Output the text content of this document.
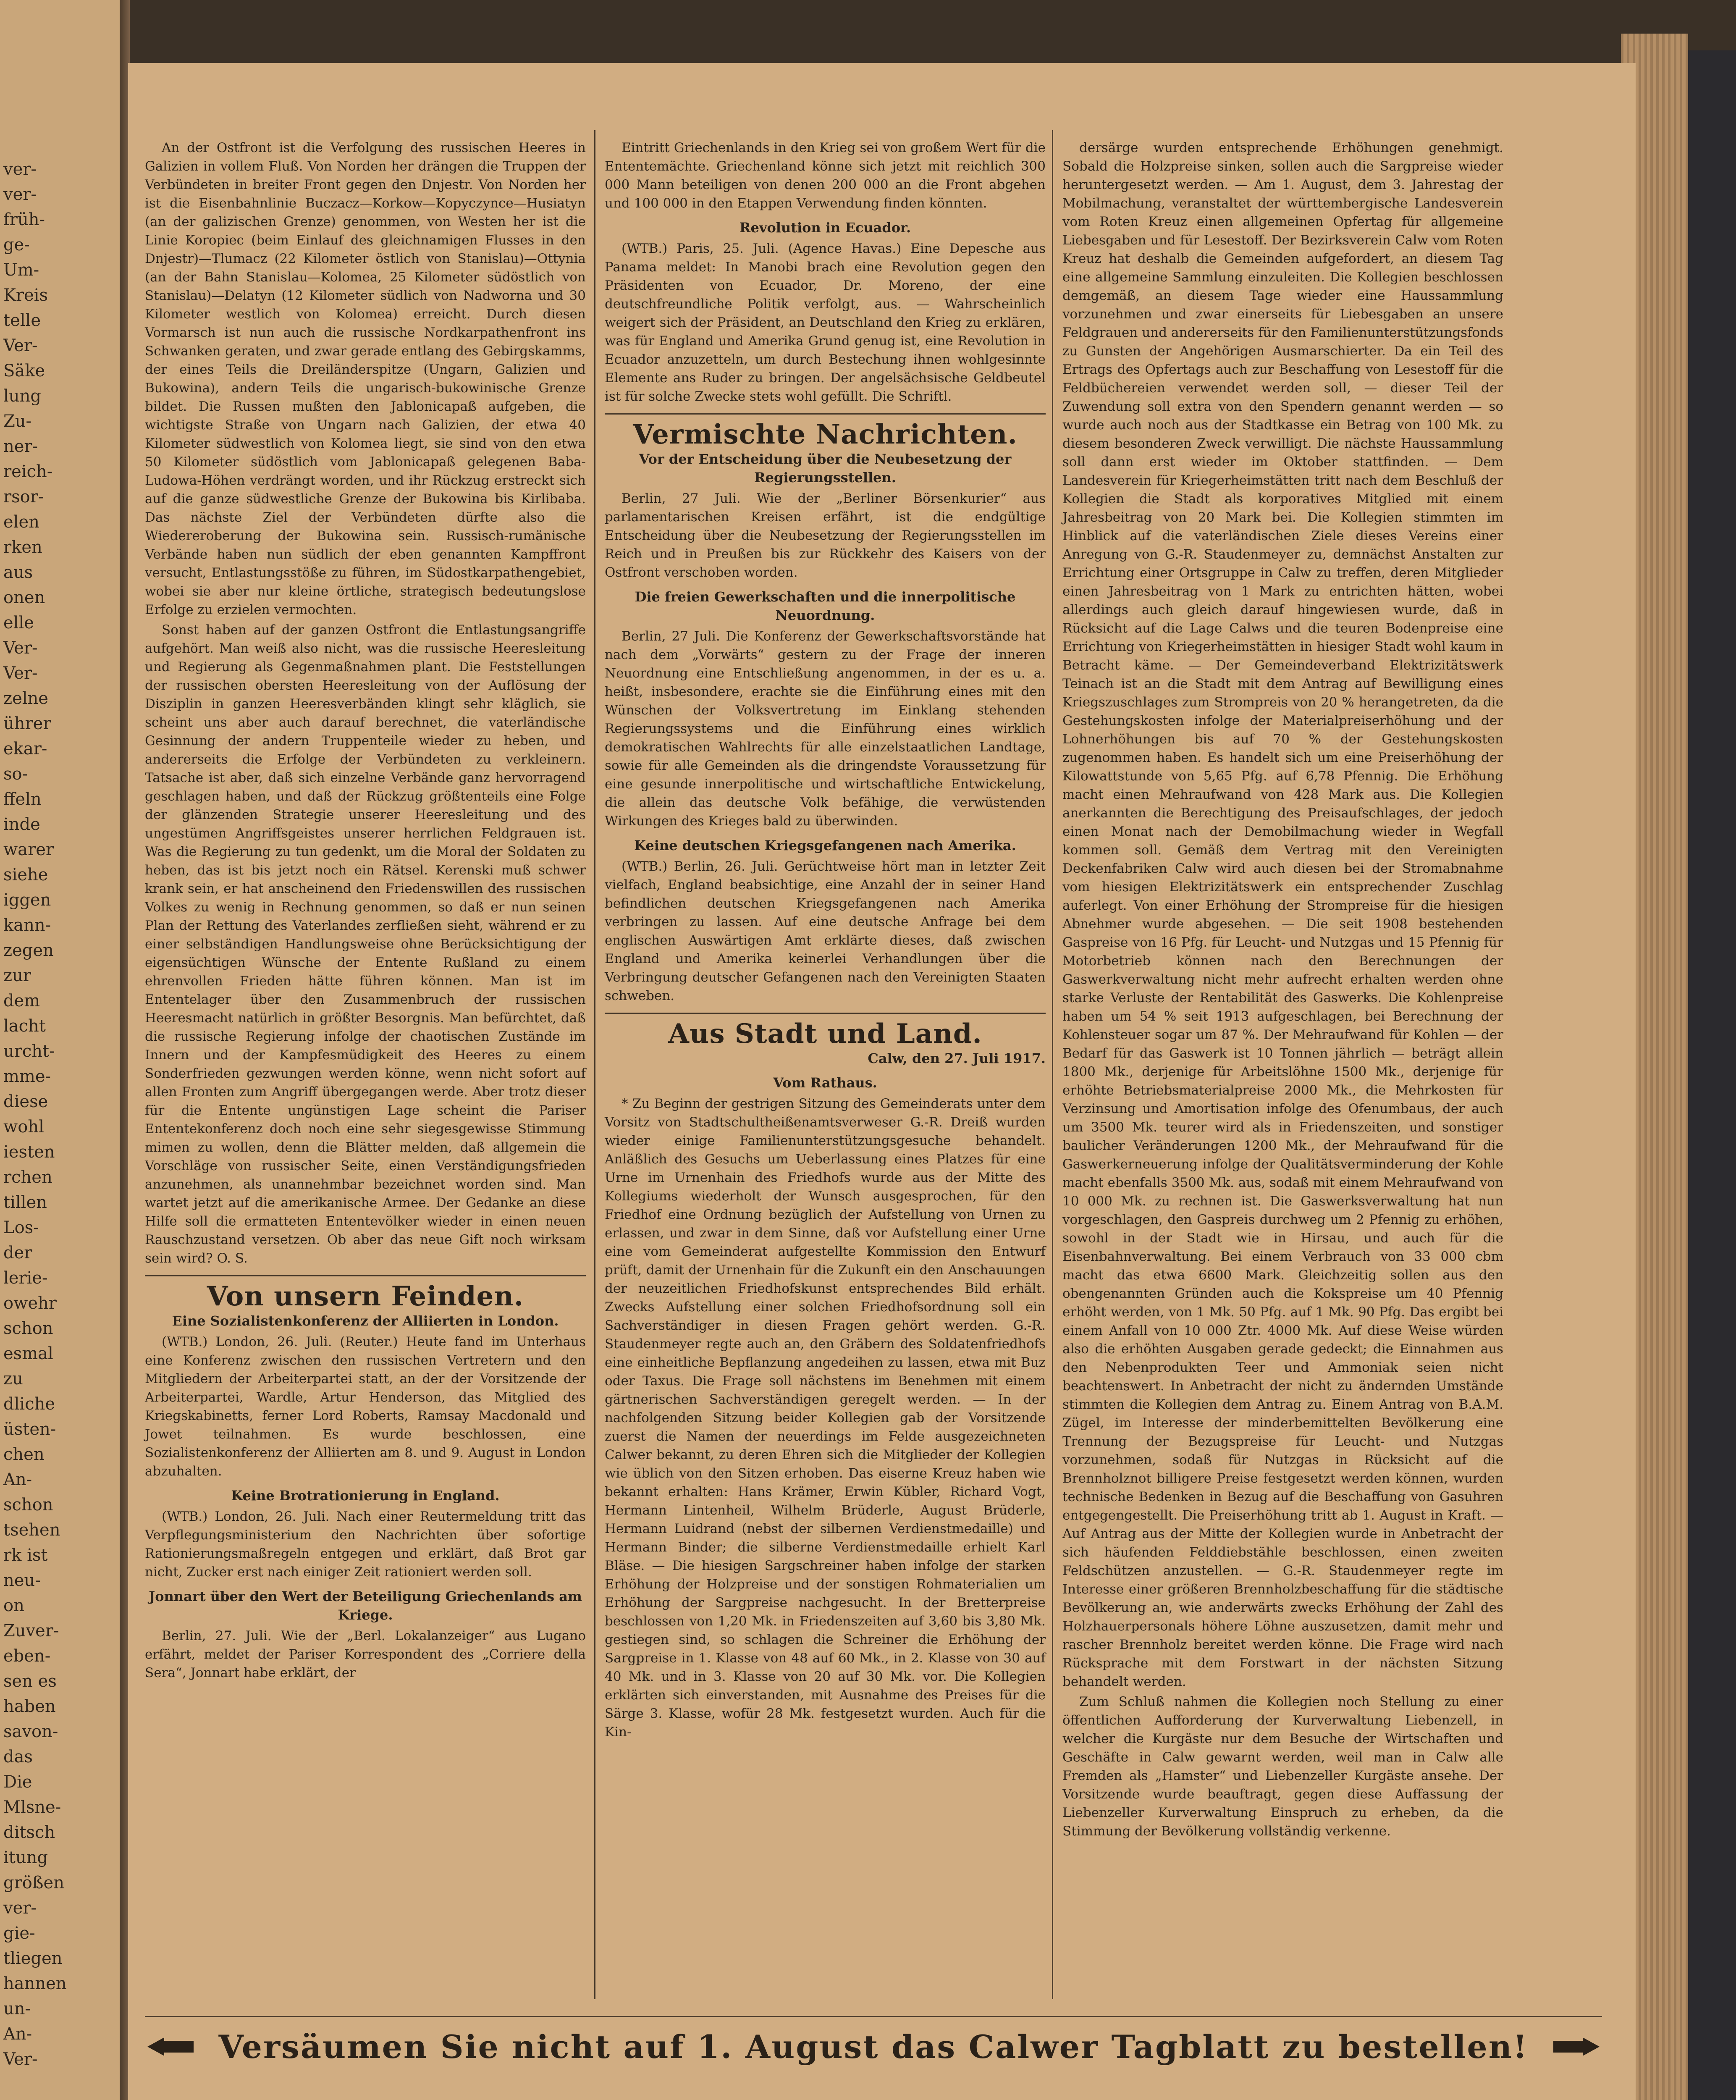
ver-
ver-
früh-
ge-
Um-
Kreis
telle
Ver-
Säke
lung
Zu-
ner-
reich-
rsor-
elen
rken
aus
onen
elle
Ver-
Ver-
zelne
ührer
ekar-
so-
ffeln
inde
warer
siehe
iggen
kann-
zegen
zur
dem
lacht
urcht-
mme-
diese
wohl
iesten
rchen
tillen
Los-
der
lerie-
owehr
schon
esmal
zu
dliche
üsten-
chen
An-
schon
tsehen
rk ist
neu-
on
Zuver-
eben-
sen es
haben
savon-
das
Die
Mlsne-
ditsch
itung
größen
ver-
gie-
tliegen
hannen
un-
An-
Ver-

An der Ostfront ist die Verfolgung des russischen Heeres in Galizien in vollem Fluß. Von Norden her drängen die Truppen der Verbündeten in breiter Front gegen den Dnjestr. Von Norden her ist die Eisenbahnlinie Buczacz—Korkow—Kopyczynce—Husiatyn (an der galizischen Grenze) genommen, von Westen her ist die Linie Koropiec (beim Einlauf des gleichnamigen Flusses in den Dnjestr)—Tlumacz (22 Kilometer östlich von Stanislau)—Ottynia (an der Bahn Stanislau—Kolomea, 25 Kilometer südöstlich von Stanislau)—Delatyn (12 Kilometer südlich von Nadworna und 30 Kilometer westlich von Kolomea) erreicht. Durch diesen Vormarsch ist nun auch die russische Nordkarpathenfront ins Schwanken geraten, und zwar gerade entlang des Gebirgskamms, der eines Teils die Dreiländerspitze (Ungarn, Galizien und Bukowina), andern Teils die ungarisch-bukowinische Grenze bildet. Die Russen mußten den Jablonicapaß aufgeben, die wichtigste Straße von Ungarn nach Galizien, der etwa 40 Kilometer südwestlich von Kolomea liegt, sie sind von den etwa 50 Kilometer südöstlich vom Jablonicapaß gelegenen Baba-Ludowa-Höhen verdrängt worden, und ihr Rückzug erstreckt sich auf die ganze südwestliche Grenze der Bukowina bis Kirlibaba. Das nächste Ziel der Verbündeten dürfte also die Wiedereroberung der Bukowina sein. Russisch-rumänische Verbände haben nun südlich der eben genannten Kampffront versucht, Entlastungsstöße zu führen, im Südostkarpathengebiet, wobei sie aber nur kleine örtliche, strategisch bedeutungslose Erfolge zu erzielen vermochten.

Sonst haben auf der ganzen Ostfront die Entlastungsangriffe aufgehört. Man weiß also nicht, was die russische Heeresleitung und Regierung als Gegenmaßnahmen plant. Die Feststellungen der russischen obersten Heeresleitung von der Auflösung der Disziplin in ganzen Heeresverbänden klingt sehr kläglich, sie scheint uns aber auch darauf berechnet, die vaterländische Gesinnung der andern Truppenteile wieder zu heben, und andererseits die Erfolge der Verbündeten zu verkleinern. Tatsache ist aber, daß sich einzelne Verbände ganz hervorragend geschlagen haben, und daß der Rückzug größtenteils eine Folge der glänzenden Strategie unserer Heeresleitung und des ungestümen Angriffsgeistes unserer herrlichen Feldgrauen ist. Was die Regierung zu tun gedenkt, um die Moral der Soldaten zu heben, das ist bis jetzt noch ein Rätsel. Kerenski muß schwer krank sein, er hat anscheinend den Friedenswillen des russischen Volkes zu wenig in Rechnung genommen, so daß er nun seinen Plan der Rettung des Vaterlandes zerfließen sieht, während er zu einer selbständigen Handlungsweise ohne Berücksichtigung der eigensüchtigen Wünsche der Entente Rußland zu einem ehrenvollen Frieden hätte führen können. Man ist im Ententelager über den Zusammenbruch der russischen Heeresmacht natürlich in größter Besorgnis. Man befürchtet, daß die russische Regierung infolge der chaotischen Zustände im Innern und der Kampfesmüdigkeit des Heeres zu einem Sonderfrieden gezwungen werden könne, wenn nicht sofort auf allen Fronten zum Angriff übergegangen werde. Aber trotz dieser für die Entente ungünstigen Lage scheint die Pariser Ententekonferenz doch noch eine sehr siegesgewisse Stimmung mimen zu wollen, denn die Blätter melden, daß allgemein die Vorschläge von russischer Seite, einen Verständigungsfrieden anzunehmen, als unannehmbar bezeichnet worden sind. Man wartet jetzt auf die amerikanische Armee. Der Gedanke an diese Hilfe soll die ermatteten Ententevölker wieder in einen neuen Rauschzustand versetzen. Ob aber das neue Gift noch wirksam sein wird? O. S.

Von unsern Feinden.
Eine Sozialistenkonferenz der Alliierten in London.

(WTB.) London, 26. Juli. (Reuter.) Heute fand im Unterhaus eine Konferenz zwischen den russischen Vertretern und den Mitgliedern der Arbeiterpartei statt, an der der Vorsitzende der Arbeiterpartei, Wardle, Artur Henderson, das Mitglied des Kriegskabinetts, ferner Lord Roberts, Ramsay Macdonald und Jowet teilnahmen. Es wurde beschlossen, eine Sozialistenkonferenz der Alliierten am 8. und 9. August in London abzuhalten.

Keine Brotrationierung in England.

(WTB.) London, 26. Juli. Nach einer Reutermeldung tritt das Verpflegungsministerium den Nachrichten über sofortige Rationierungsmaßregeln entgegen und erklärt, daß Brot gar nicht, Zucker erst nach einiger Zeit rationiert werden soll.

Jonnart über den Wert der Beteiligung Griechenlands am Kriege.

Berlin, 27. Juli. Wie der „Berl. Lokalanzeiger“ aus Lugano erfährt, meldet der Pariser Korrespondent des „Corriere della Sera“, Jonnart habe erklärt, der

Eintritt Griechenlands in den Krieg sei von großem Wert für die Ententemächte. Griechenland könne sich jetzt mit reichlich 300 000 Mann beteiligen von denen 200 000 an die Front abgehen und 100 000 in den Etappen Verwendung finden könnten.

Revolution in Ecuador.

(WTB.) Paris, 25. Juli. (Agence Havas.) Eine Depesche aus Panama meldet: In Manobi brach eine Revolution gegen den Präsidenten von Ecuador, Dr. Moreno, der eine deutschfreundliche Politik verfolgt, aus. — Wahrscheinlich weigert sich der Präsident, an Deutschland den Krieg zu erklären, was für England und Amerika Grund genug ist, eine Revolution in Ecuador anzuzetteln, um durch Bestechung ihnen wohlgesinnte Elemente ans Ruder zu bringen. Der angelsächsische Geldbeutel ist für solche Zwecke stets wohl gefüllt. Die Schriftl.

Vermischte Nachrichten.
Vor der Entscheidung über die Neubesetzung der Regierungsstellen.

Berlin, 27 Juli. Wie der „Berliner Börsenkurier“ aus parlamentarischen Kreisen erfährt, ist die endgültige Entscheidung über die Neubesetzung der Regierungsstellen im Reich und in Preußen bis zur Rückkehr des Kaisers von der Ostfront verschoben worden.

Die freien Gewerkschaften und die innerpolitische Neuordnung.

Berlin, 27 Juli. Die Konferenz der Gewerkschaftsvorstände hat nach dem „Vorwärts“ gestern zu der Frage der inneren Neuordnung eine Entschließung angenommen, in der es u. a. heißt, insbesondere, erachte sie die Einführung eines mit den Wünschen der Volksvertretung im Einklang stehenden Regierungssystems und die Einführung eines wirklich demokratischen Wahlrechts für alle einzelstaatlichen Landtage, sowie für alle Gemeinden als die dringendste Voraussetzung für eine gesunde innerpolitische und wirtschaftliche Entwickelung, die allein das deutsche Volk befähige, die verwüstenden Wirkungen des Krieges bald zu überwinden.

Keine deutschen Kriegsgefangenen nach Amerika.

(WTB.) Berlin, 26. Juli. Gerüchtweise hört man in letzter Zeit vielfach, England beabsichtige, eine Anzahl der in seiner Hand befindlichen deutschen Kriegsgefangenen nach Amerika verbringen zu lassen. Auf eine deutsche Anfrage bei dem englischen Auswärtigen Amt erklärte dieses, daß zwischen England und Amerika keinerlei Verhandlungen über die Verbringung deutscher Gefangenen nach den Vereinigten Staaten schweben.

Aus Stadt und Land.
Calw, den 27. Juli 1917.
Vom Rathaus.

* Zu Beginn der gestrigen Sitzung des Gemeinderats unter dem Vorsitz von Stadtschultheißenamtsverweser G.-R. Dreiß wurden wieder einige Familienunterstützungsgesuche behandelt. Anläßlich des Gesuchs um Ueberlassung eines Platzes für eine Urne im Urnenhain des Friedhofs wurde aus der Mitte des Kollegiums wiederholt der Wunsch ausgesprochen, für den Friedhof eine Ordnung bezüglich der Aufstellung von Urnen zu erlassen, und zwar in dem Sinne, daß vor Aufstellung einer Urne eine vom Gemeinderat aufgestellte Kommission den Entwurf prüft, damit der Urnenhain für die Zukunft ein den Anschauungen der neuzeitlichen Friedhofskunst entsprechendes Bild erhält. Zwecks Aufstellung einer solchen Friedhofsordnung soll ein Sachverständiger in diesen Fragen gehört werden. G.-R. Staudenmeyer regte auch an, den Gräbern des Soldatenfriedhofs eine einheitliche Bepflanzung angedeihen zu lassen, etwa mit Buz oder Taxus. Die Frage soll nächstens im Benehmen mit einem gärtnerischen Sachverständigen geregelt werden. — In der nachfolgenden Sitzung beider Kollegien gab der Vorsitzende zuerst die Namen der neuerdings im Felde ausgezeichneten Calwer bekannt, zu deren Ehren sich die Mitglieder der Kollegien wie üblich von den Sitzen erhoben. Das eiserne Kreuz haben wie bekannt erhalten: Hans Krämer, Erwin Kübler, Richard Vogt, Hermann Lintenheil, Wilhelm Brüderle, August Brüderle, Hermann Luidrand (nebst der silbernen Verdienstmedaille) und Hermann Binder; die silberne Verdienstmedaille erhielt Karl Bläse. — Die hiesigen Sargschreiner haben infolge der starken Erhöhung der Holzpreise und der sonstigen Rohmaterialien um Erhöhung der Sargpreise nachgesucht. In der Bretterpreise beschlossen von 1,20 Mk. in Friedenszeiten auf 3,60 bis 3,80 Mk. gestiegen sind, so schlagen die Schreiner die Erhöhung der Sargpreise in 1. Klasse von 48 auf 60 Mk., in 2. Klasse von 30 auf 40 Mk. und in 3. Klasse von 20 auf 30 Mk. vor. Die Kollegien erklärten sich einverstanden, mit Ausnahme des Preises für die Särge 3. Klasse, wofür 28 Mk. festgesetzt wurden. Auch für die Kin-

dersärge wurden entsprechende Erhöhungen genehmigt. Sobald die Holzpreise sinken, sollen auch die Sargpreise wieder heruntergesetzt werden. — Am 1. August, dem 3. Jahrestag der Mobilmachung, veranstaltet der württembergische Landesverein vom Roten Kreuz einen allgemeinen Opfertag für allgemeine Liebesgaben und für Lesestoff. Der Bezirksverein Calw vom Roten Kreuz hat deshalb die Gemeinden aufgefordert, an diesem Tag eine allgemeine Sammlung einzuleiten. Die Kollegien beschlossen demgemäß, an diesem Tage wieder eine Haussammlung vorzunehmen und zwar einerseits für Liebesgaben an unsere Feldgrauen und andererseits für den Familienunterstützungsfonds zu Gunsten der Angehörigen Ausmarschierter. Da ein Teil des Ertrags des Opfertags auch zur Beschaffung von Lesestoff für die Feldbüchereien verwendet werden soll, — dieser Teil der Zuwendung soll extra von den Spendern genannt werden — so wurde auch noch aus der Stadtkasse ein Betrag von 100 Mk. zu diesem besonderen Zweck verwilligt. Die nächste Haussammlung soll dann erst wieder im Oktober stattfinden. — Dem Landesverein für Kriegerheimstätten tritt nach dem Beschluß der Kollegien die Stadt als korporatives Mitglied mit einem Jahresbeitrag von 20 Mark bei. Die Kollegien stimmten im Hinblick auf die vaterländischen Ziele dieses Vereins einer Anregung von G.-R. Staudenmeyer zu, demnächst Anstalten zur Errichtung einer Ortsgruppe in Calw zu treffen, deren Mitglieder einen Jahresbeitrag von 1 Mark zu entrichten hätten, wobei allerdings auch gleich darauf hingewiesen wurde, daß in Rücksicht auf die Lage Calws und die teuren Bodenpreise eine Errichtung von Kriegerheimstätten in hiesiger Stadt wohl kaum in Betracht käme. — Der Gemeindeverband Elektrizitätswerk Teinach ist an die Stadt mit dem Antrag auf Bewilligung eines Kriegszuschlages zum Strompreis von 20 % herangetreten, da die Gestehungskosten infolge der Materialpreiserhöhung und der Lohnerhöhungen bis auf 70 % der Gestehungskosten zugenommen haben. Es handelt sich um eine Preiserhöhung der Kilowattstunde von 5,65 Pfg. auf 6,78 Pfennig. Die Erhöhung macht einen Mehraufwand von 428 Mark aus. Die Kollegien anerkannten die Berechtigung des Preisaufschlages, der jedoch einen Monat nach der Demobilmachung wieder in Wegfall kommen soll. Gemäß dem Vertrag mit den Vereinigten Deckenfabriken Calw wird auch diesen bei der Stromabnahme vom hiesigen Elektrizitätswerk ein entsprechender Zuschlag auferlegt. Von einer Erhöhung der Strompreise für die hiesigen Abnehmer wurde abgesehen. — Die seit 1908 bestehenden Gaspreise von 16 Pfg. für Leucht- und Nutzgas und 15 Pfennig für Motorbetrieb können nach den Berechnungen der Gaswerkverwaltung nicht mehr aufrecht erhalten werden ohne starke Verluste der Rentabilität des Gaswerks. Die Kohlenpreise haben um 54 % seit 1913 aufgeschlagen, bei Berechnung der Kohlensteuer sogar um 87 %. Der Mehraufwand für Kohlen — der Bedarf für das Gaswerk ist 10 Tonnen jährlich — beträgt allein 1800 Mk., derjenige für Arbeitslöhne 1500 Mk., derjenige für erhöhte Betriebsmaterialpreise 2000 Mk., die Mehrkosten für Verzinsung und Amortisation infolge des Ofenumbaus, der auch um 3500 Mk. teurer wird als in Friedenszeiten, und sonstiger baulicher Veränderungen 1200 Mk., der Mehraufwand für die Gaswerkerneuerung infolge der Qualitätsverminderung der Kohle macht ebenfalls 3500 Mk. aus, sodaß mit einem Mehraufwand von 10 000 Mk. zu rechnen ist. Die Gaswerksverwaltung hat nun vorgeschlagen, den Gaspreis durchweg um 2 Pfennig zu erhöhen, sowohl in der Stadt wie in Hirsau, und auch für die Eisenbahnverwaltung. Bei einem Verbrauch von 33 000 cbm macht das etwa 6600 Mark. Gleichzeitig sollen aus den obengenannten Gründen auch die Kokspreise um 40 Pfennig erhöht werden, von 1 Mk. 50 Pfg. auf 1 Mk. 90 Pfg. Das ergibt bei einem Anfall von 10 000 Ztr. 4000 Mk. Auf diese Weise würden also die erhöhten Ausgaben gerade gedeckt; die Einnahmen aus den Nebenprodukten Teer und Ammoniak seien nicht beachtenswert. In Anbetracht der nicht zu ändernden Umstände stimmten die Kollegien dem Antrag zu. Einem Antrag von B.A.M. Zügel, im Interesse der minderbemittelten Bevölkerung eine Trennung der Bezugspreise für Leucht- und Nutzgas vorzunehmen, sodaß für Nutzgas in Rücksicht auf die Brennholznot billigere Preise festgesetzt werden können, wurden technische Bedenken in Bezug auf die Beschaffung von Gasuhren entgegengestellt. Die Preiserhöhung tritt ab 1. August in Kraft. — Auf Antrag aus der Mitte der Kollegien wurde in Anbetracht der sich häufenden Felddiebstähle beschlossen, einen zweiten Feldschützen anzustellen. — G.-R. Staudenmeyer regte im Interesse einer größeren Brennholzbeschaffung für die städtische Bevölkerung an, wie anderwärts zwecks Erhöhung der Zahl des Holzhauerpersonals höhere Löhne auszusetzen, damit mehr und rascher Brennholz bereitet werden könne. Die Frage wird nach Rücksprache mit dem Forstwart in der nächsten Sitzung behandelt werden.

Zum Schluß nahmen die Kollegien noch Stellung zu einer öffentlichen Aufforderung der Kurverwaltung Liebenzell, in welcher die Kurgäste nur dem Besuche der Wirtschaften und Geschäfte in Calw gewarnt werden, weil man in Calw alle Fremden als „Hamster“ und Liebenzeller Kurgäste ansehe. Der Vorsitzende wurde beauftragt, gegen diese Auffassung der Liebenzeller Kurverwaltung Einspruch zu erheben, da die Stimmung der Bevölkerung vollständig verkenne.

Versäumen Sie nicht auf 1. August das Calwer Tagblatt zu bestellen!
